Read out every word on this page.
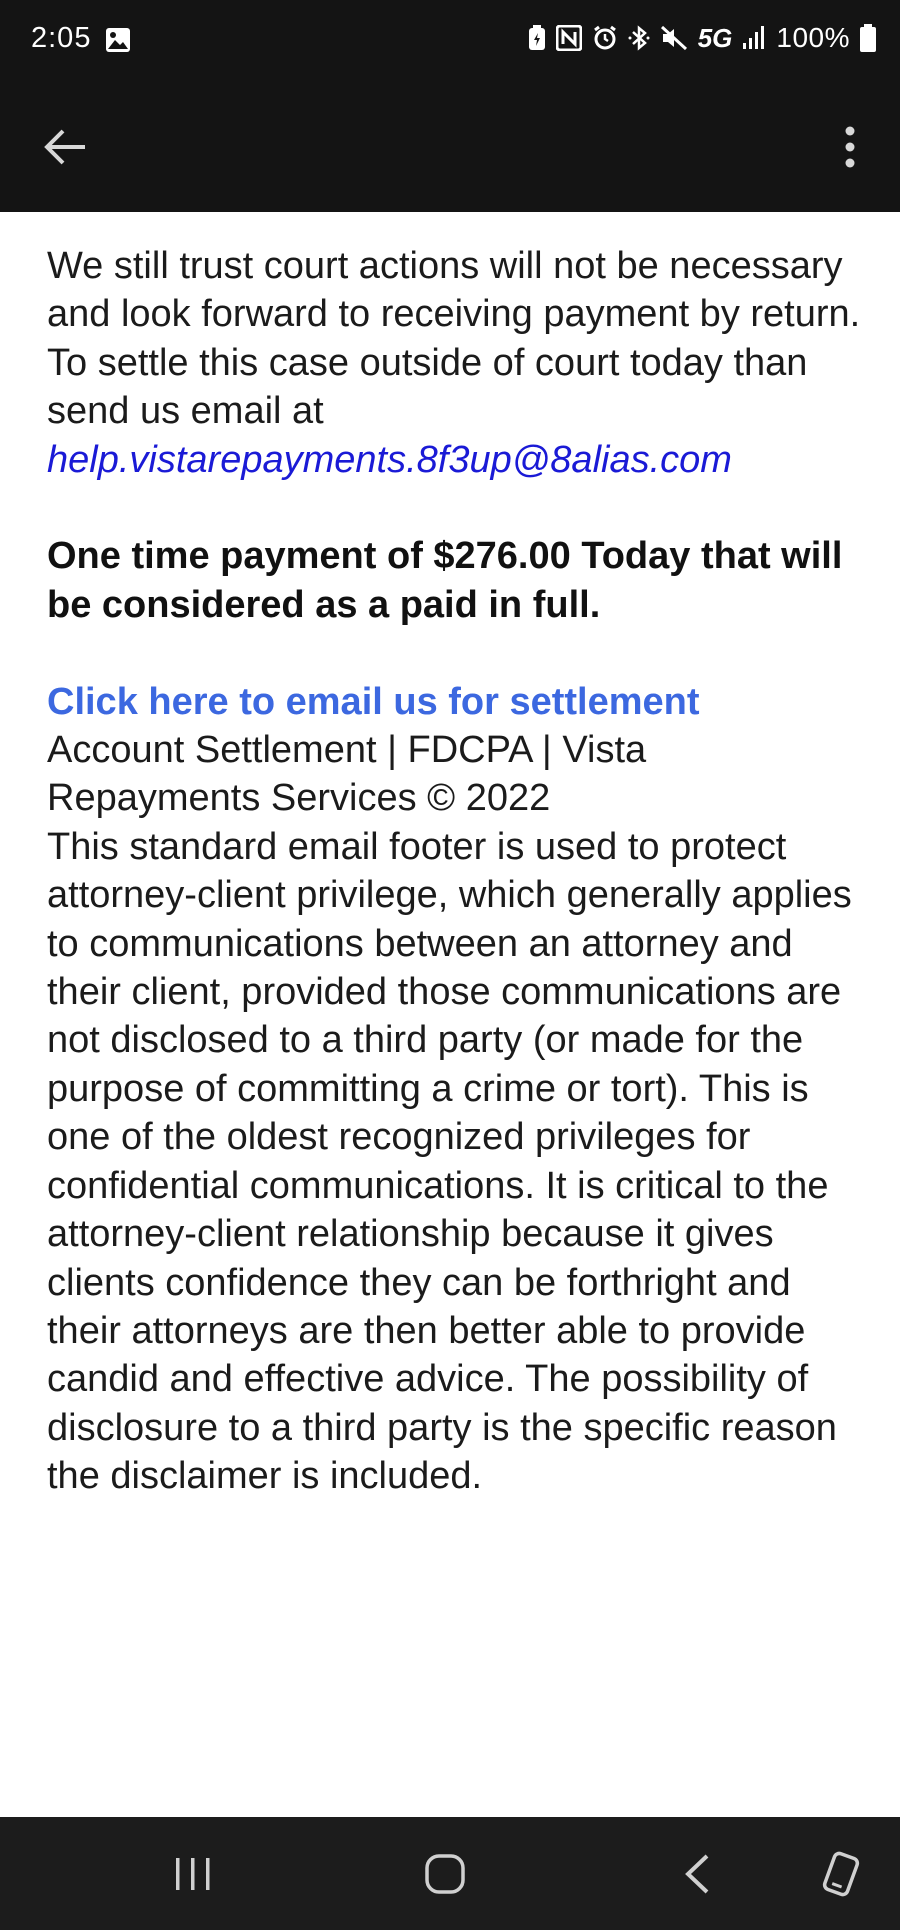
2:05	5G 100%

We still trust court actions will not be necessary and look forward to receiving payment by return.

To settle this case outside of court today than send us email at

help.vistarepayments.8f3up@8alias.com

One time payment of $276.00 Today that will be considered as a paid in full.

Click here to email us for settlement

Account Settlement | FDCPA | Vista Repayments Services © 2022

This standard email footer is used to protect attorney-client privilege, which generally applies to communications between an attorney and their client, provided those communications are not disclosed to a third party (or made for the purpose of committing a crime or tort). This is one of the oldest recognized privileges for confidential communications. It is critical to the attorney-client relationship because it gives clients confidence they can be forthright and their attorneys are then better able to provide candid and effective advice. The possibility of disclosure to a third party is the specific reason the disclaimer is included.
